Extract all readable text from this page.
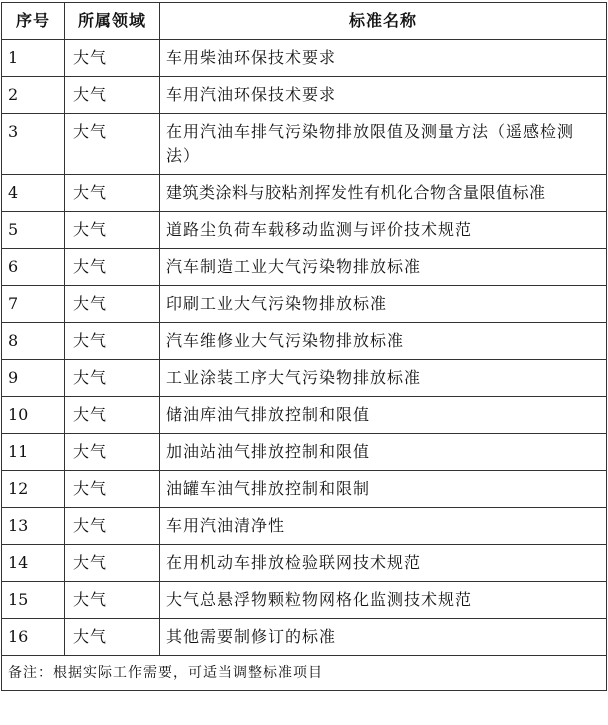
序号	所属领域	标准名称
1	大气	车用柴油环保技术要求
2	大气	车用汽油环保技术要求
3	大气	在用汽油车排气污染物排放限值及测量方法（遥感检测法）
4	大气	建筑类涂料与胶粘剂挥发性有机化合物含量限值标准
5	大气	道路尘负荷车载移动监测与评价技术规范
6	大气	汽车制造工业大气污染物排放标准
7	大气	印刷工业大气污染物排放标准
8	大气	汽车维修业大气污染物排放标准
9	大气	工业涂装工序大气污染物排放标准
10	大气	储油库油气排放控制和限值
11	大气	加油站油气排放控制和限值
12	大气	油罐车油气排放控制和限制
13	大气	车用汽油清净性
14	大气	在用机动车排放检验联网技术规范
15	大气	大气总悬浮物颗粒物网格化监测技术规范
16	大气	其他需要制修订的标准
备注：根据实际工作需要，可适当调整标准项目		
